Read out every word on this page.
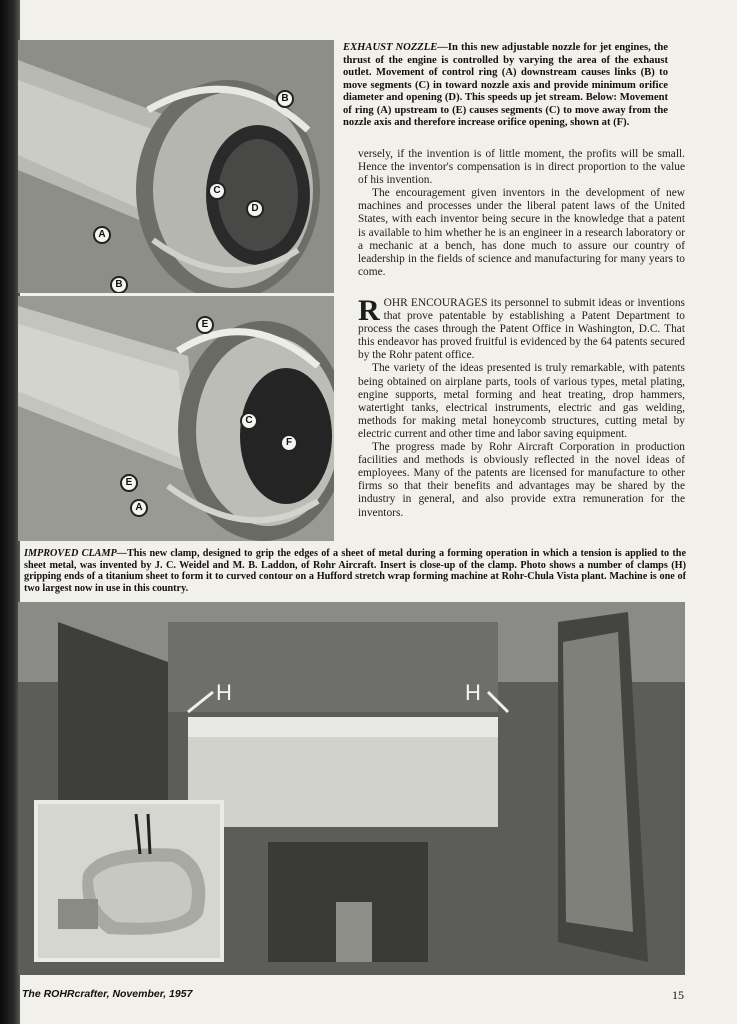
B
C
D
A
B
E
C
F
E
A
EXHAUST NOZZLE—In this new adjustable nozzle for jet engines, the thrust of the engine is controlled by varying the area of the exhaust outlet. Movement of control ring (A) downstream causes links (B) to move segments (C) in toward nozzle axis and provide minimum orifice diameter and opening (D). This speeds up jet stream. Below: Movement of ring (A) upstream to (E) causes segments (C) to move away from the nozzle axis and therefore increase orifice opening, shown at (F).

versely, if the invention is of little moment, the profits will be small. Hence the inventor's compensation is in direct proportion to the value of his invention.

The encouragement given inventors in the development of new machines and processes under the liberal patent laws of the United States, with each inventor being secure in the knowledge that a patent is available to him whether he is an engineer in a research laboratory or a mechanic at a bench, has done much to assure our country of leadership in the fields of science and manufacturing for many years to come.

ROHR ENCOURAGES its personnel to submit ideas or inventions that prove patentable by establishing a Patent Department to process the cases through the Patent Office in Washington, D.C. That this endeavor has proved fruitful is evidenced by the 64 patents secured by the Rohr patent office.

The variety of the ideas presented is truly remarkable, with patents being obtained on airplane parts, tools of various types, metal plating, engine supports, metal forming and heat treating, drop hammers, watertight tanks, electrical instruments, electric and gas welding, methods for making metal honeycomb structures, cutting metal by electric current and other time and labor saving equipment.

The progress made by Rohr Aircraft Corporation in production facilities and methods is obviously reflected in the novel ideas of employees. Many of the patents are licensed for manufacture to other firms so that their benefits and advantages may be shared by the industry in general, and also provide extra remuneration for the inventors.

IMPROVED CLAMP—This new clamp, designed to grip the edges of a sheet of metal during a forming operation in which a tension is applied to the sheet metal, was invented by J. C. Weidel and M. B. Laddon, of Rohr Aircraft. Insert is close-up of the clamp. Photo shows a number of clamps (H) gripping ends of a titanium sheet to form it to curved contour on a Hufford stretch wrap forming machine at Rohr-Chula Vista plant. Machine is one of two largest now in use in this country.
H	H
The ROHRcrafter, November, 1957	15
